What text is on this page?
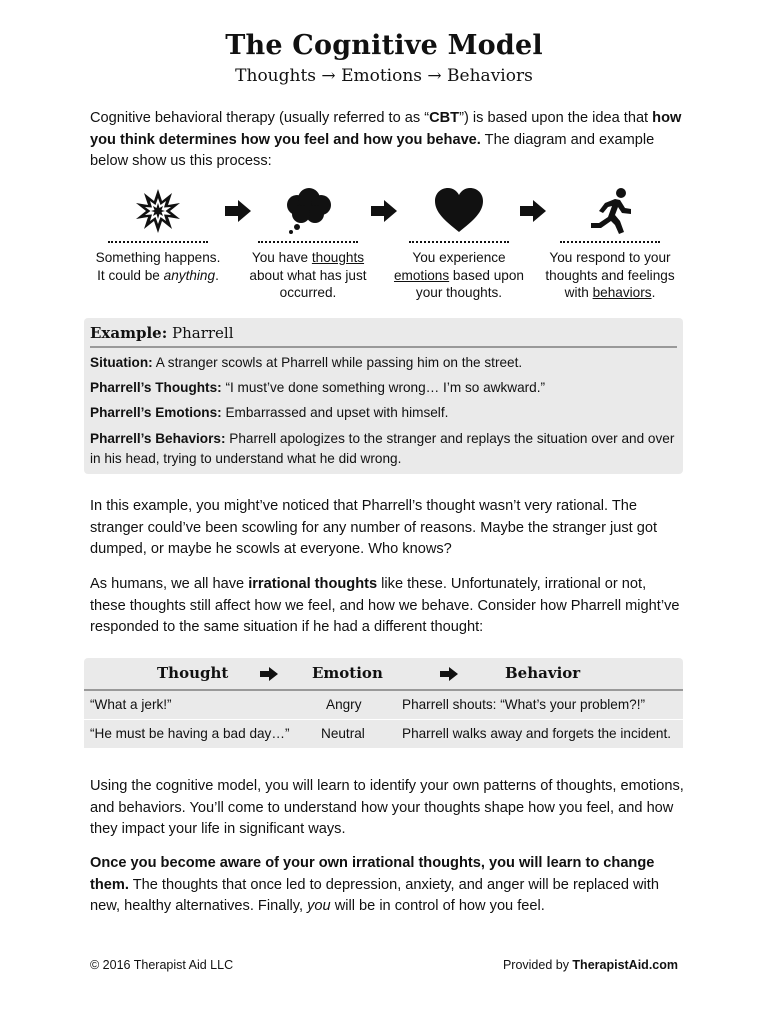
The Cognitive Model
Thoughts → Emotions → Behaviors
Cognitive behavioral therapy (usually referred to as “CBT”) is based upon the idea that how you think determines how you feel and how you behave. The diagram and example below show us this process:
Something happens.
It could be anything.
You have thoughts about what has just occurred.
You experience emotions based upon your thoughts.
You respond to your thoughts and feelings with behaviors.
Example: Pharrell
Situation: A stranger scowls at Pharrell while passing him on the street.
Pharrell’s Thoughts: “I must’ve done something wrong… I’m so awkward.”
Pharrell’s Emotions: Embarrassed and upset with himself.
Pharrell’s Behaviors: Pharrell apologizes to the stranger and replays the situation over and over in his head, trying to understand what he did wrong.
In this example, you might’ve noticed that Pharrell’s thought wasn’t very rational. The stranger could’ve been scowling for any number of reasons. Maybe the stranger just got dumped, or maybe he scowls at everyone. Who knows?
As humans, we all have irrational thoughts like these. Unfortunately, irrational or not, these thoughts still affect how we feel, and how we behave. Consider how Pharrell might’ve responded to the same situation if he had a different thought:
Thought	Emotion	Behavior
“What a jerk!”	Angry	Pharrell shouts: “What’s your problem?!”
“He must be having a bad day…” Neutral	Pharrell walks away and forgets the incident.
Using the cognitive model, you will learn to identify your own patterns of thoughts, emotions, and behaviors. You’ll come to understand how your thoughts shape how you feel, and how they impact your life in significant ways.
Once you become aware of your own irrational thoughts, you will learn to change them. The thoughts that once led to depression, anxiety, and anger will be replaced with new, healthy alternatives. Finally, you will be in control of how you feel.
© 2016 Therapist Aid LLC	Provided by TherapistAid.com
